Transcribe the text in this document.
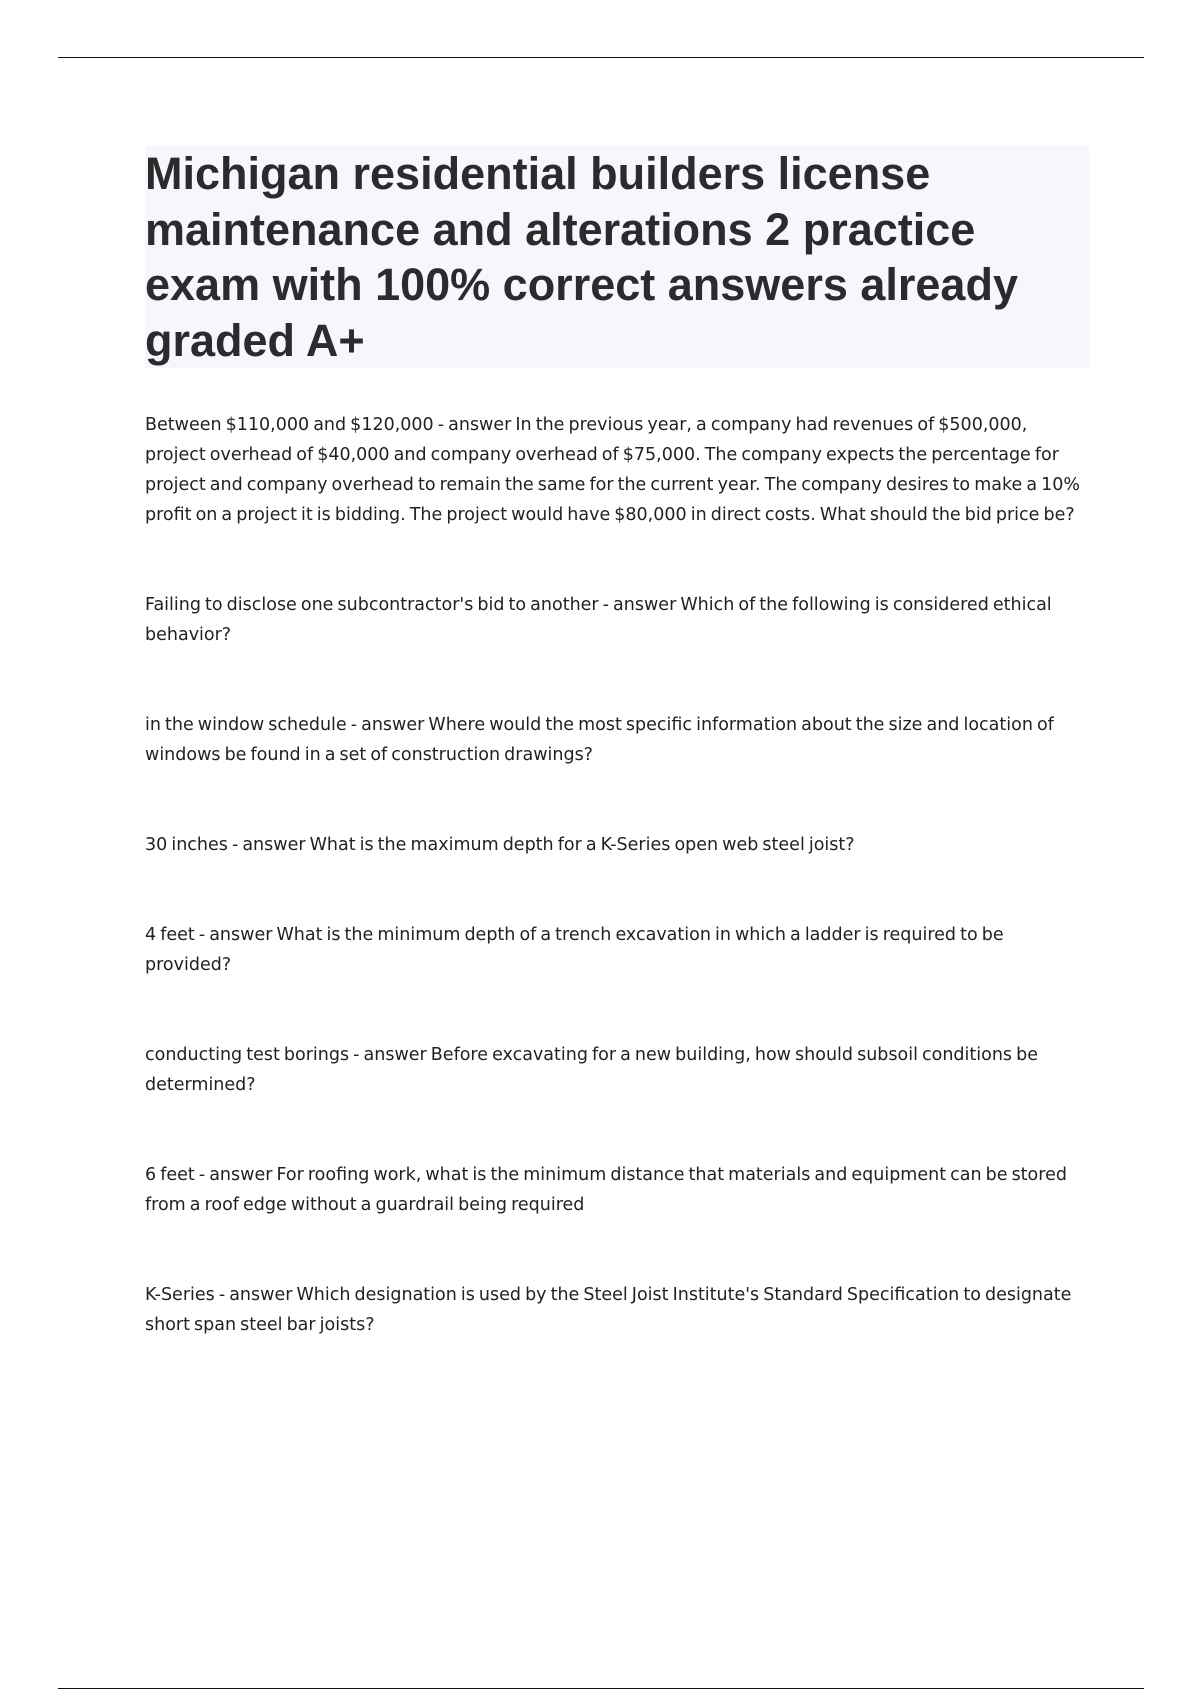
Michigan residential builders license maintenance and alterations 2 practice exam with 100% correct answers already graded A+

Between $110,000 and $120,000 - answer In the previous year, a company had revenues of $500,000, project overhead of $40,000 and company overhead of $75,000. The company expects the percentage for project and company overhead to remain the same for the current year. The company desires to make a 10% profit on a project it is bidding. The project would have $80,000 in direct costs. What should the bid price be?

Failing to disclose one subcontractor's bid to another - answer Which of the following is considered ethical behavior?

in the window schedule - answer Where would the most specific information about the size and location of windows be found in a set of construction drawings?

30 inches - answer What is the maximum depth for a K-Series open web steel joist?

4 feet - answer What is the minimum depth of a trench excavation in which a ladder is required to be provided?

conducting test borings - answer Before excavating for a new building, how should subsoil conditions be determined?

6 feet - answer For roofing work, what is the minimum distance that materials and equipment can be stored from a roof edge without a guardrail being required

K-Series - answer Which designation is used by the Steel Joist Institute's Standard Specification to designate short span steel bar joists?
